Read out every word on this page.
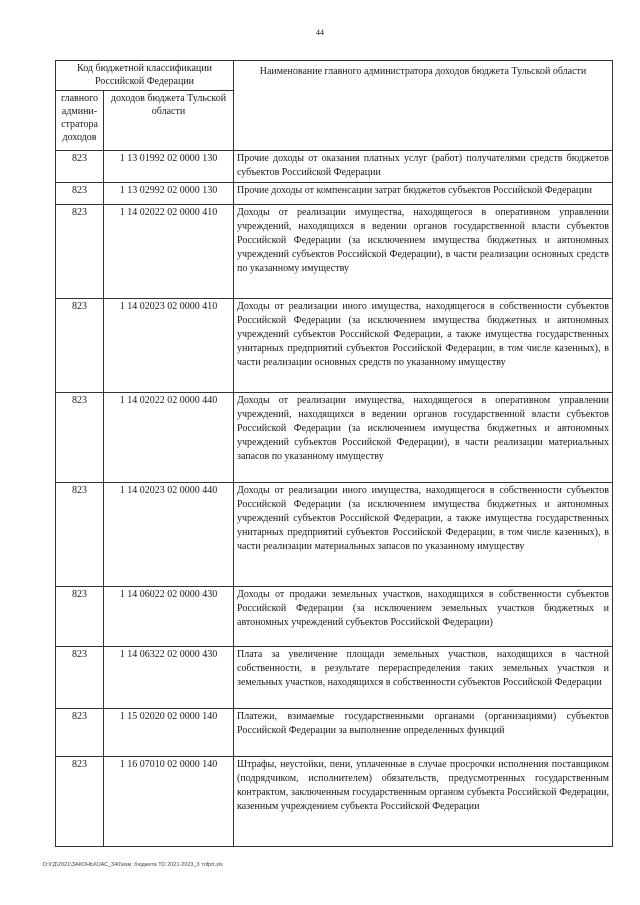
44
Код бюджетной классификации Российской Федерации		Наименование главного администратора доходов бюджета Тульской области
главного админи-стратора доходов	доходов бюджета Тульской области	
823	1 13 01992 02 0000 130	Прочие доходы от оказания платных услуг (работ) получателями средств бюджетов субъектов Российской Федерации
823	1 13 02992 02 0000 130	Прочие доходы от компенсации затрат бюджетов субъектов Российской Федерации
823	1 14 02022 02 0000 410	Доходы от реализации имущества, находящегося в оперативном управлении учреждений, находящихся в ведении органов государственной власти субъектов Российской Федерации (за исключением имущества бюджетных и автономных учреждений субъектов Российской Федерации), в части реализации основных средств по указанному имуществу
823	1 14 02023 02 0000 410	Доходы от реализации иного имущества, находящегося в собственности субъектов Российской Федерации (за исключением имущества бюджетных и автономных учреждений субъектов Российской Федерации, а также имущества государственных унитарных предприятий субъектов Российской Федерации, в том числе казенных), в части реализации основных средств по указанному имуществу
823	1 14 02022 02 0000 440	Доходы от реализации имущества, находящегося в оперативном управлении учреждений, находящихся в ведении органов государственной власти субъектов Российской Федерации (за исключением имущества бюджетных и автономных учреждений субъектов Российской Федерации), в части реализации материальных запасов по указанному имуществу
823	1 14 02023 02 0000 440	Доходы от реализации иного имущества, находящегося в собственности субъектов Российской Федерации (за исключением имущества бюджетных и автономных учреждений субъектов Российской Федерации, а также имущества государственных унитарных предприятий субъектов Российской Федерации, в том числе казенных), в части реализации материальных запасов по указанному имуществу
823	1 14 06022 02 0000 430	Доходы от продажи земельных участков, находящихся в собственности субъектов Российской Федерации (за исключением земельных участков бюджетных и автономных учреждений субъектов Российской Федерации)
823	1 14 06322 02 0000 430	Плата за увеличение площади земельных участков, находящихся в частной собственности, в результате перераспределения таких земельных участков и земельных участков, находящихся в собственности субъектов Российской Федерации
823	1 15 02020 02 0000 140	Платежи, взимаемые государственными органами (организациями) субъектов Российской Федерации за выполнение определенных функций
823	1 16 07010 02 0000 140	Штрафы, неустойки, пени, уплаченные в случае просрочки исполнения поставщиком (подрядчиком, исполнителем) обязательств, предусмотренных государственным контрактом, заключенным государственным органом субъекта Российской Федерации, казенным учреждением субъекта Российской Федерации
D:\ГД\2021\ЗАКОНЫ\ОАС_340\изм. бюджета ТО 2021-2023_3 тоfprt.xls
